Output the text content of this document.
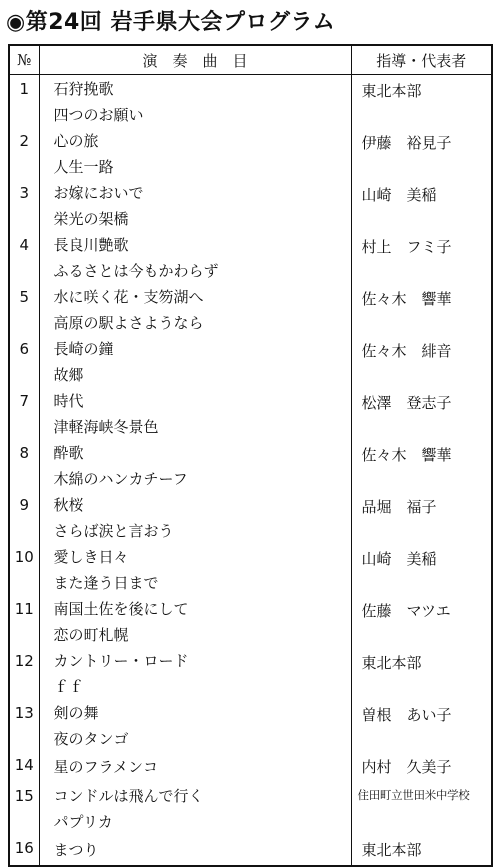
◉第24回 岩手県大会プログラム
№	演　奏　曲　目	指導・代表者
1	石狩挽歌	東北本部
	四つのお願い	
2	心の旅	伊藤　裕見子
	人生一路	
3	お嫁においで	山崎　美稲
	栄光の架橋	
4	長良川艶歌	村上　フミ子
	ふるさとは今もかわらず	
5	水に咲く花・支笏湖へ	佐々木　響華
	高原の駅よさようなら	
6	長崎の鐘	佐々木　緋音
	故郷	
7	時代	松澤　登志子
	津軽海峡冬景色	
8	酔歌	佐々木　響華
	木綿のハンカチーフ	
9	秋桜	品堀　福子
	さらば涙と言おう	
10	愛しき日々	山崎　美稲
	また逢う日まで	
11	南国土佐を後にして	佐藤　マツエ
	恋の町札幌	
12	カントリー・ロード	東北本部
	ｆｆ	
13	剣の舞	曽根　あい子
	夜のタンゴ	
14	星のフラメンコ	内村　久美子
15	コンドルは飛んで行く	住田町立世田米中学校
	パプリカ	
16	まつり	東北本部
